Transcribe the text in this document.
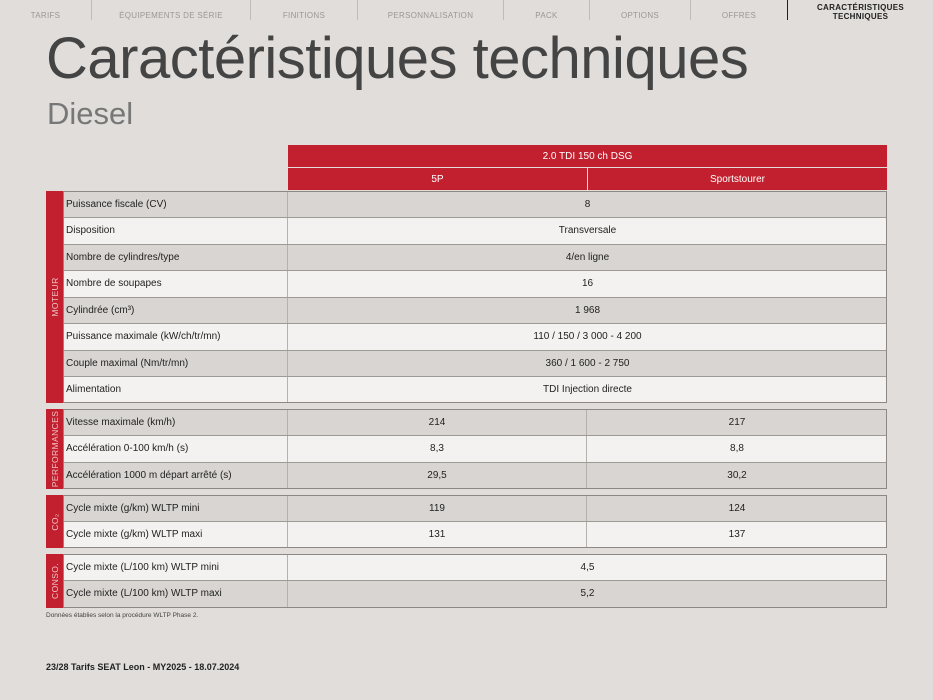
TARIFS	ÉQUIPEMENTS DE SÉRIE	FINITIONS	PERSONNALISATION	PACK	OPTIONS	OFFRES
CARACTÉRISTIQUES
TECHNIQUES
Caractéristiques techniques
Diesel
2.0 TDI 150 ch DSG
5P	Sportstourer
MOTEUR
Puissance fiscale (CV)	8
Disposition	Transversale
Nombre de cylindres/type	4/en ligne
Nombre de soupapes	16
Cylindrée (cm³)	1 968
Puissance maximale (kW/ch/tr/mn)	110 / 150 / 3 000 - 4 200
Couple maximal (Nm/tr/mn)	360 / 1 600 - 2 750
Alimentation	TDI Injection directe
PERFORMANCES Vitesse maximale (km/h)	214	217
Accélération 0-100 km/h (s)	8,3	8,8
Accélération 1000 m départ arrêté (s)	29,5	30,2
CO₂
Cycle mixte (g/km) WLTP mini	119	124
Cycle mixte (g/km) WLTP maxi	131	137
CONSO. Cycle mixte (L/100 km) WLTP mini	4,5
Cycle mixte (L/100 km) WLTP maxi	5,2
Données établies selon la procédure WLTP Phase 2.
23/28 Tarifs SEAT Leon - MY2025 - 18.07.2024
